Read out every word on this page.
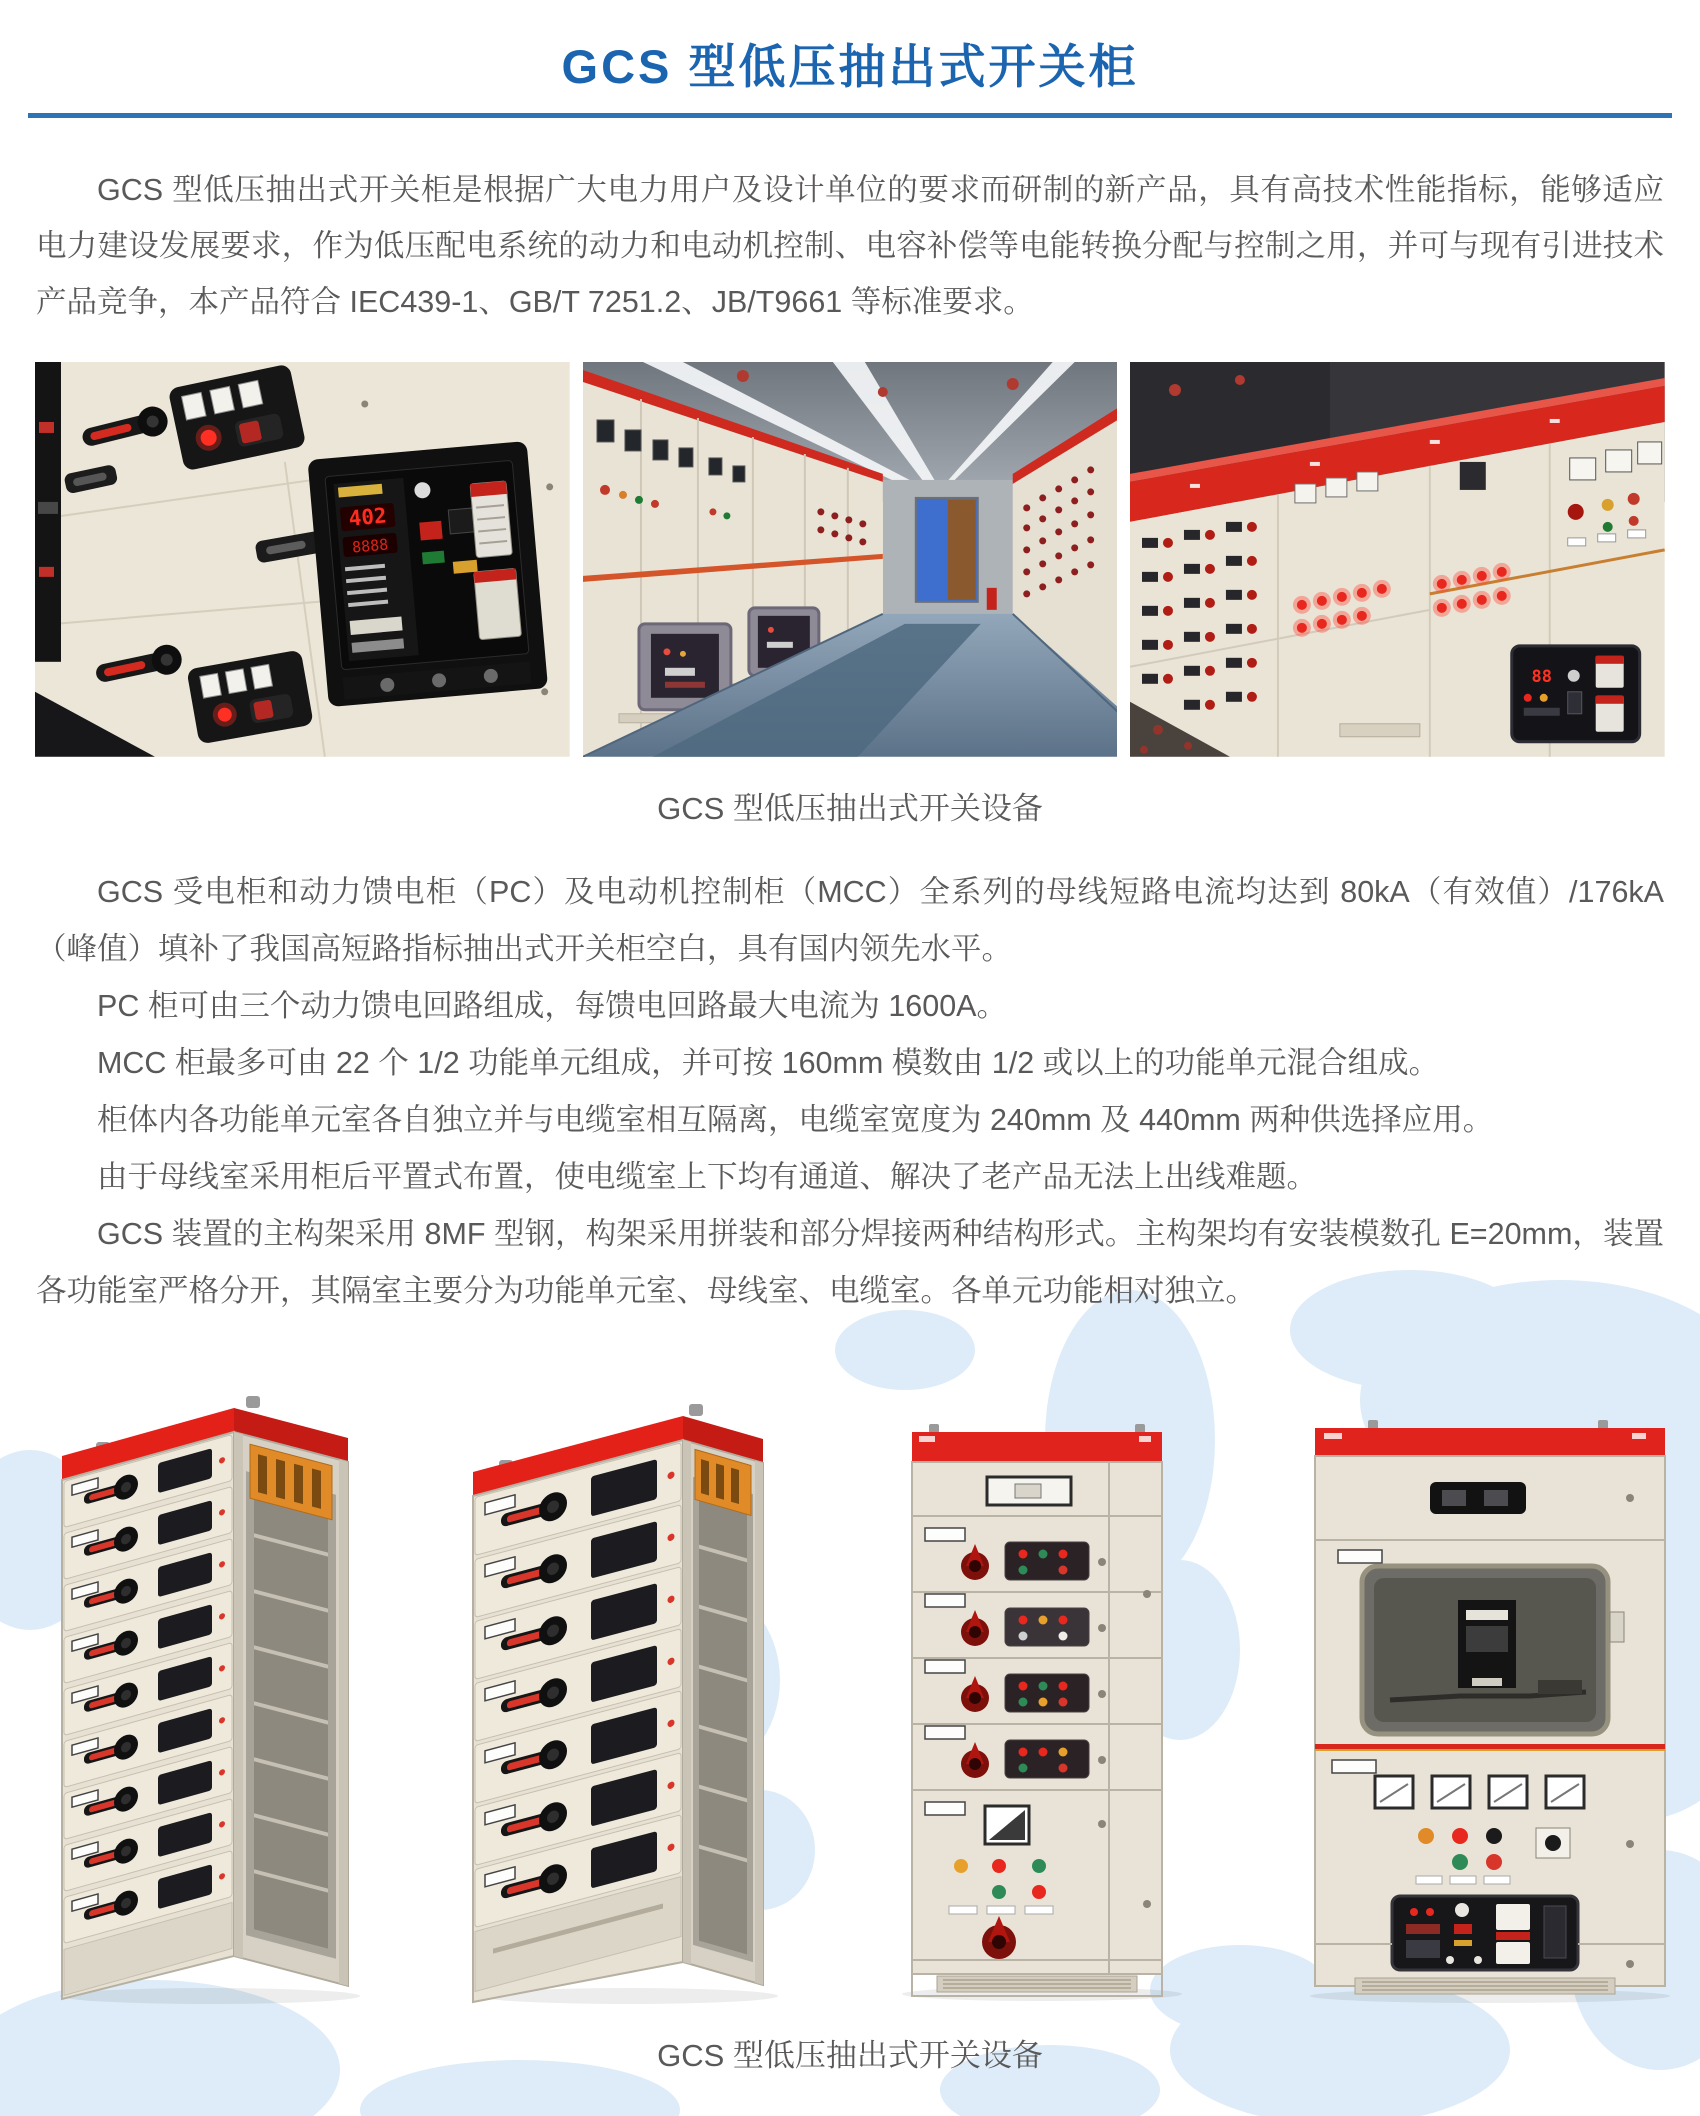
GCS 型低压抽出式开关柜

GCS 型低压抽出式开关柜是根据广大电力用户及设计单位的要求而研制的新产品，具有高技术性能指标，能够适应电力建设发展要求，作为低压配电系统的动力和电动机控制、电容补偿等电能转换分配与控制之用，并可与现有引进技术产品竞争，本产品符合 IEC439-1、GB/T 7251.2、JB/T9661 等标准要求。

402
8888
88
GCS 型低压抽出式开关设备

GCS 受电柜和动力馈电柜（PC）及电动机控制柜（MCC）全系列的母线短路电流均达到 80kA（有效值）/176kA（峰值）填补了我国高短路指标抽出式开关柜空白，具有国内领先水平。

PC 柜可由三个动力馈电回路组成，每馈电回路最大电流为 1600A。

MCC 柜最多可由 22 个 1/2 功能单元组成，并可按 160mm 模数由 1/2 或以上的功能单元混合组成。

柜体内各功能单元室各自独立并与电缆室相互隔离，电缆室宽度为 240mm 及 440mm 两种供选择应用。

由于母线室采用柜后平置式布置，使电缆室上下均有通道、解决了老产品无法上出线难题。

GCS 装置的主构架采用 8MF 型钢，构架采用拼装和部分焊接两种结构形式。主构架均有安装模数孔 E=20mm，装置各功能室严格分开，其隔室主要分为功能单元室、母线室、电缆室。各单元功能相对独立。

GCS 型低压抽出式开关设备
